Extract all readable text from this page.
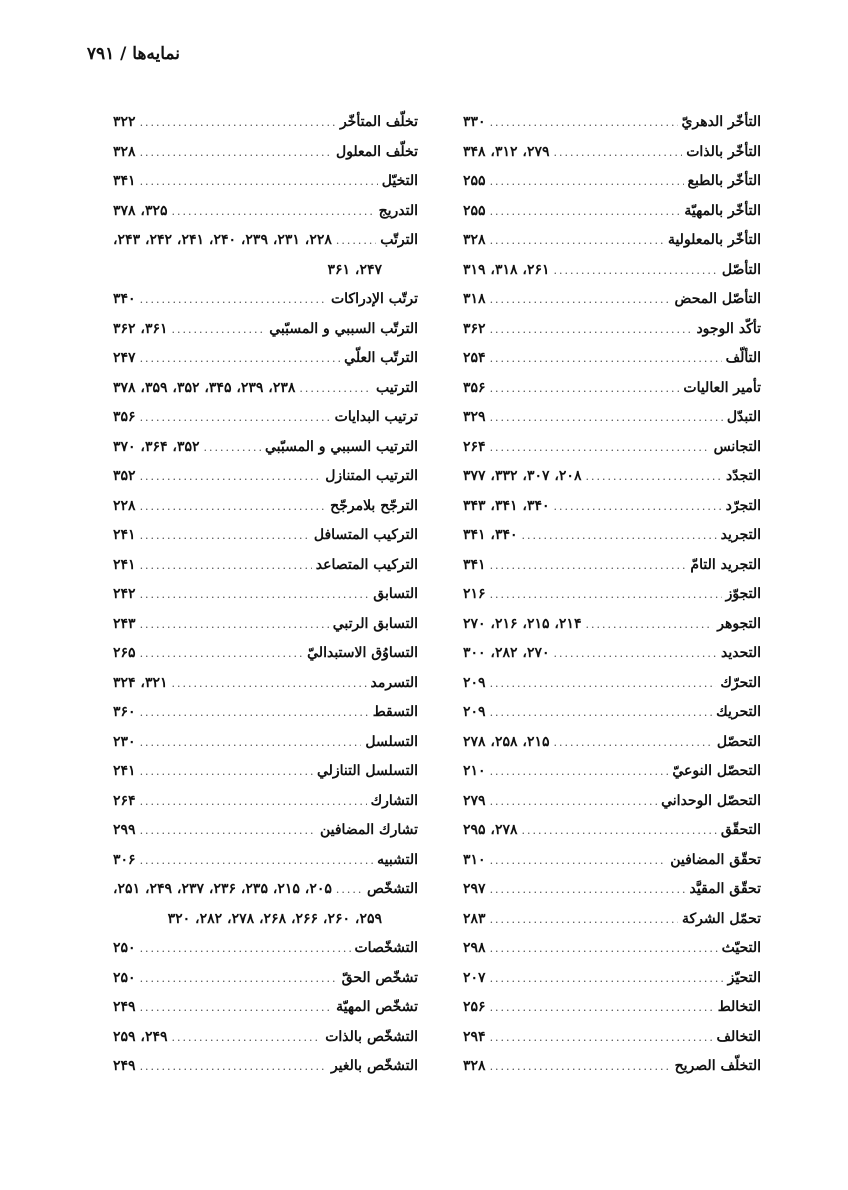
نمایه‌ها / ۷۹۱
التأخّر الدهريّ
.....
۳۳۰
التأخّر بالذات
.....
۲۷۹، ۳۱۲، ۳۴۸
التأخّر بالطبع
.....
۲۵۵
التأخّر بالمهيّة
.....
۲۵۵
التأخّر بالمعلولية
.....
۳۲۸
التأصّل
.....
۲۶۱، ۳۱۸، ۳۱۹
التأصّل المحض
.....
۳۱۸
تأكّد الوجود
.....
۳۶۲
التألّف
.....
۲۵۴
تأمير العاليات
.....
۳۵۶
التبدّل
.....
۳۲۹
التجانس
.....
۲۶۴
التجدّد
.....
۲۰۸، ۳۰۷، ۳۳۲، ۳۷۷
التجرّد
.....
۳۴۰، ۳۴۱، ۳۴۳
التجريد
.....
۳۴۰، ۳۴۱
التجريد التامّ
.....
۳۴۱
التجوّز
.....
۲۱۶
التجوهر
.....
۲۱۴، ۲۱۵، ۲۱۶، ۲۷۰
التحديد
.....
۲۷۰، ۲۸۲، ۳۰۰
التحرّك
.....
۲۰۹
التحريك
.....
۲۰۹
التحصّل
.....
۲۱۵، ۲۵۸، ۲۷۸
التحصّل النوعيّ
.....
۲۱۰
التحصّل الوحداني
.....
۲۷۹
التحقّق
.....
۲۷۸، ۲۹۵
تحقّق المضافين
.....
۳۱۰
تحقّق المقيَّد
.....
۲۹۷
تحمّل الشركة
.....
۲۸۳
التحيّث
.....
۲۹۸
التحيّز
.....
۲۰۷
التخالط
.....
۲۵۶
التخالف
.....
۲۹۴
التخلّف الصريح
.....
۳۲۸
تخلّف المتأخّر
.....
۳۲۲
تخلّف المعلول
.....
۳۲۸
التخيّل
.....
۳۴۱
التدريج
.....
۳۲۵، ۳۷۸
الترتّب
.....
۲۲۸، ۲۳۱، ۲۳۹، ۲۴۰، ۲۴۱، ۲۴۲، ۲۴۳،
۲۴۷، ۳۶۱
ترتّب الإدراكات
.....
۳۴۰
الترتّب السببي و المسبّبي
.....
۳۶۱، ۳۶۲
الترتّب العلّي
.....
۲۴۷
الترتيب
.....
۲۳۸، ۲۳۹، ۳۴۵، ۳۵۲، ۳۵۹، ۳۷۸
ترتيب البدايات
.....
۳۵۶
الترتيب السببي و المسبّبي
.....
۳۵۲، ۳۶۴، ۳۷۰
الترتيب المتنازل
.....
۳۵۲
الترجّح بلامرجّح
.....
۲۲۸
التركيب المتسافل
.....
۲۴۱
التركيب المتصاعد
.....
۲۴۱
التسابق
.....
۲۴۲
التسابق الرتبي
.....
۲۴۳
التساوُق الاستبداليّ
.....
۲۶۵
التسرمد
.....
۳۲۱، ۳۲۴
التسقط
.....
۳۶۰
التسلسل
.....
۲۳۰
التسلسل التنازلي
.....
۲۴۱
التشارك
.....
۲۶۴
تشارك المضافين
.....
۲۹۹
التشبيه
.....
۳۰۶
التشخّص
.....
۲۰۵، ۲۱۵، ۲۳۵، ۲۳۶، ۲۳۷، ۲۴۹، ۲۵۱،
۲۵۹، ۲۶۰، ۲۶۶، ۲۶۸، ۲۷۸، ۲۸۲، ۳۲۰
التشخّصات
.....
۲۵۰
تشخّص الحقّ
.....
۲۵۰
تشخّص المهيّة
.....
۲۴۹
التشخّص بالذات
.....
۲۴۹، ۲۵۹
التشخّص بالغير
.....
۲۴۹
